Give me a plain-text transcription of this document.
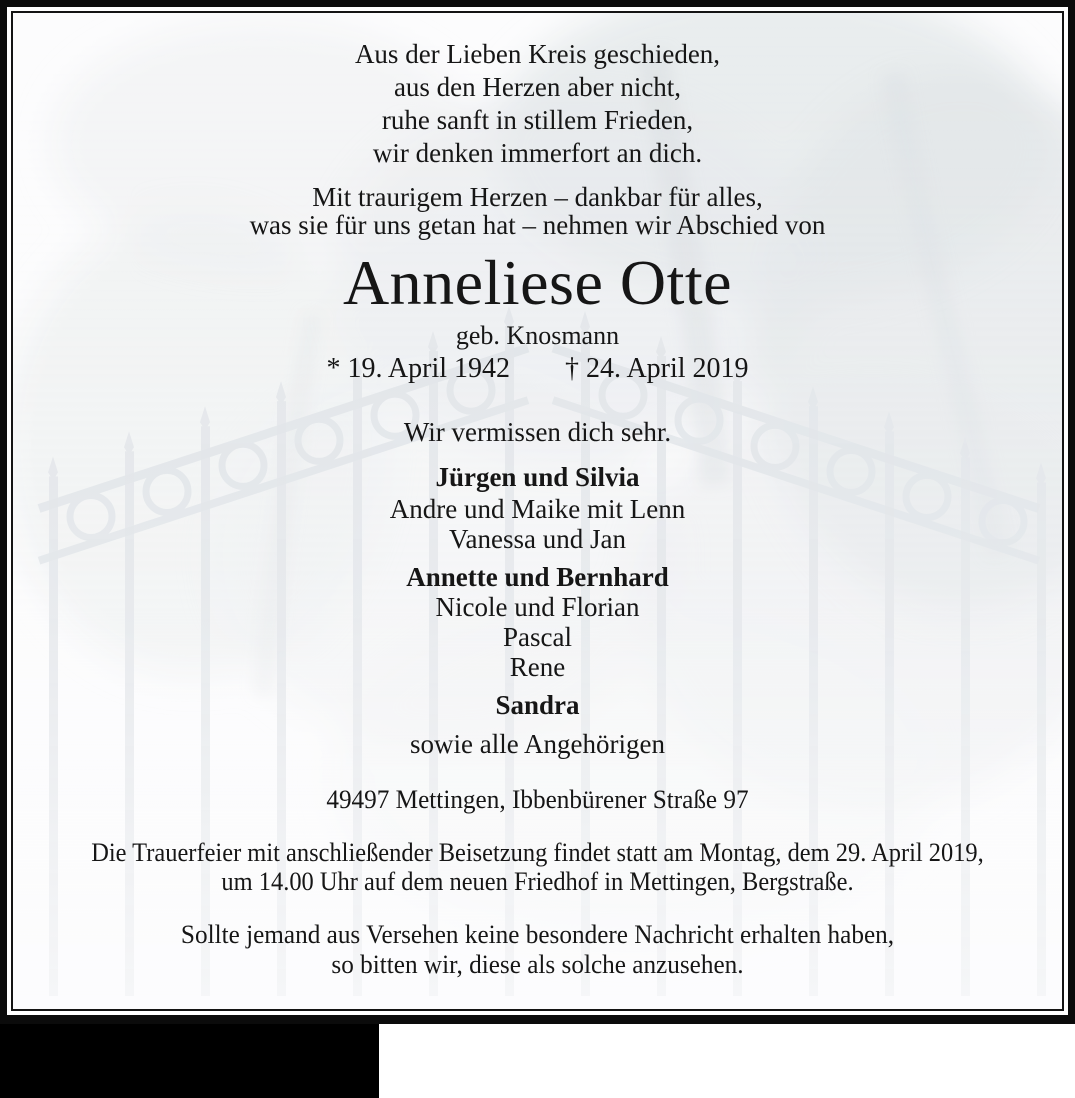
Aus der Lieben Kreis geschieden,
aus den Herzen aber nicht,
ruhe sanft in stillem Frieden,
wir denken immerfort an dich.
Mit traurigem Herzen – dankbar für alles,
was sie für uns getan hat – nehmen wir Abschied von
Anneliese Otte
geb. Knosmann
* 19. April 1942 † 24. April 2019
Wir vermissen dich sehr.
Jürgen und Silvia
Andre und Maike mit Lenn
Vanessa und Jan
Annette und Bernhard
Nicole und Florian
Pascal
Rene
Sandra
sowie alle Angehörigen
49497 Mettingen, Ibbenbürener Straße 97
Die Trauerfeier mit anschließender Beisetzung findet statt am Montag, dem 29. April 2019,
um 14.00 Uhr auf dem neuen Friedhof in Mettingen, Bergstraße.
Sollte jemand aus Versehen keine besondere Nachricht erhalten haben,
so bitten wir, diese als solche anzusehen.
